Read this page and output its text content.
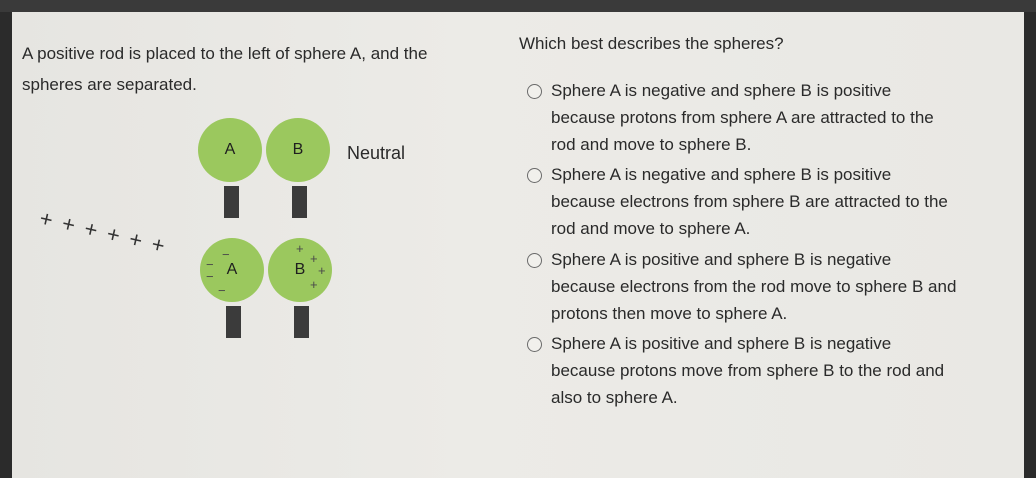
A positive rod is placed to the left of sphere A, and the spheres are separated.
A	B	Neutral
+ + + + + +
A	B
−
−
−
−
+
+
+
+
Which best describes the spheres?
Sphere A is negative and sphere B is positive
because protons from sphere A are attracted to the
rod and move to sphere B.
Sphere A is negative and sphere B is positive
because electrons from sphere B are attracted to the
rod and move to sphere A.
Sphere A is positive and sphere B is negative
because electrons from the rod move to sphere B and
protons then move to sphere A.
Sphere A is positive and sphere B is negative
because protons move from sphere B to the rod and
also to sphere A.
